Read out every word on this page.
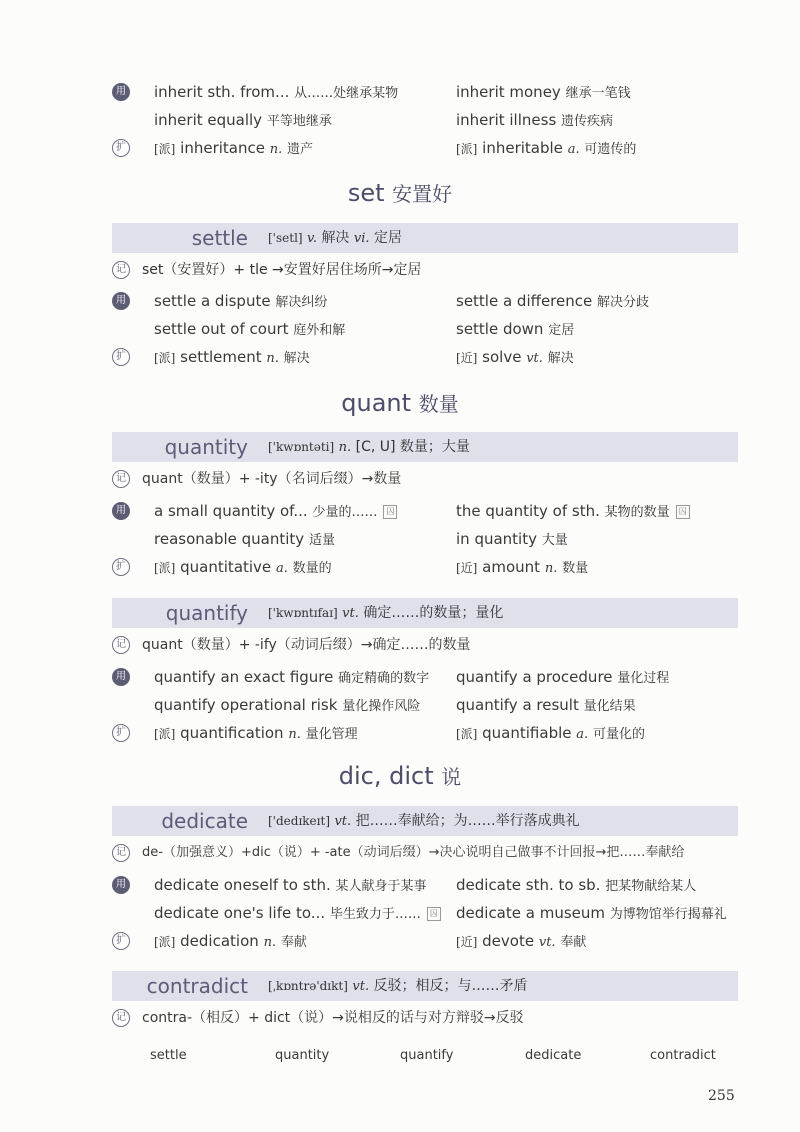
用 inherit sth. from... 从……处继承某物	inherit money 继承一笔钱
inherit equally 平等地继承	inherit illness 遗传疾病
扩	[派] inheritance n. 遗产	[派] inheritable a. 可遗传的
set 安置好
settle ['setl] v. 解决 vi. 定居
记 set（安置好）+ tle →安置好居住场所→定居
用 settle a dispute 解决纠纷	settle a difference 解决分歧
settle out of court 庭外和解	settle down 定居
扩	[派] settlement n. 解决	[近] solve vt. 解决
quant 数量
quantity ['kwɒntəti] n. [C, U] 数量；大量
记 quant（数量）+ -ity（名词后缀）→数量
用 a small quantity of... 少量的…… 囚	the quantity of sth. 某物的数量 囚
reasonable quantity 适量	in quantity 大量
扩	[派] quantitative a. 数量的	[近] amount n. 数量
quantify ['kwɒntɪfaɪ] vt. 确定……的数量；量化
记 quant（数量）+ -ify（动词后缀）→确定……的数量
用 quantify an exact figure 确定精确的数字 quantify a procedure 量化过程
quantify operational risk 量化操作风险 quantify a result 量化结果
扩	[派] quantification n. 量化管理	[派] quantifiable a. 可量化的
dic, dict 说
dedicate ['dedɪkeɪt] vt. 把……奉献给；为……举行落成典礼
记	de-（加强意义）+dic（说）+ -ate（动词后缀）→决心说明自己做事不计回报→把……奉献给
用 dedicate oneself to sth. 某人献身于某事 dedicate sth. to sb. 把某物献给某人
dedicate one's life to... 毕生致力于…… 囚 dedicate a museum 为博物馆举行揭幕礼
扩	[派] dedication n. 奉献	[近] devote vt. 奉献
contradict [ˌkɒntrə'dɪkt] vt. 反驳；相反；与……矛盾
记 contra-（相反）+ dict（说）→说相反的话与对方辩驳→反驳
settle	quantity	quantify	dedicate	contradict
255
